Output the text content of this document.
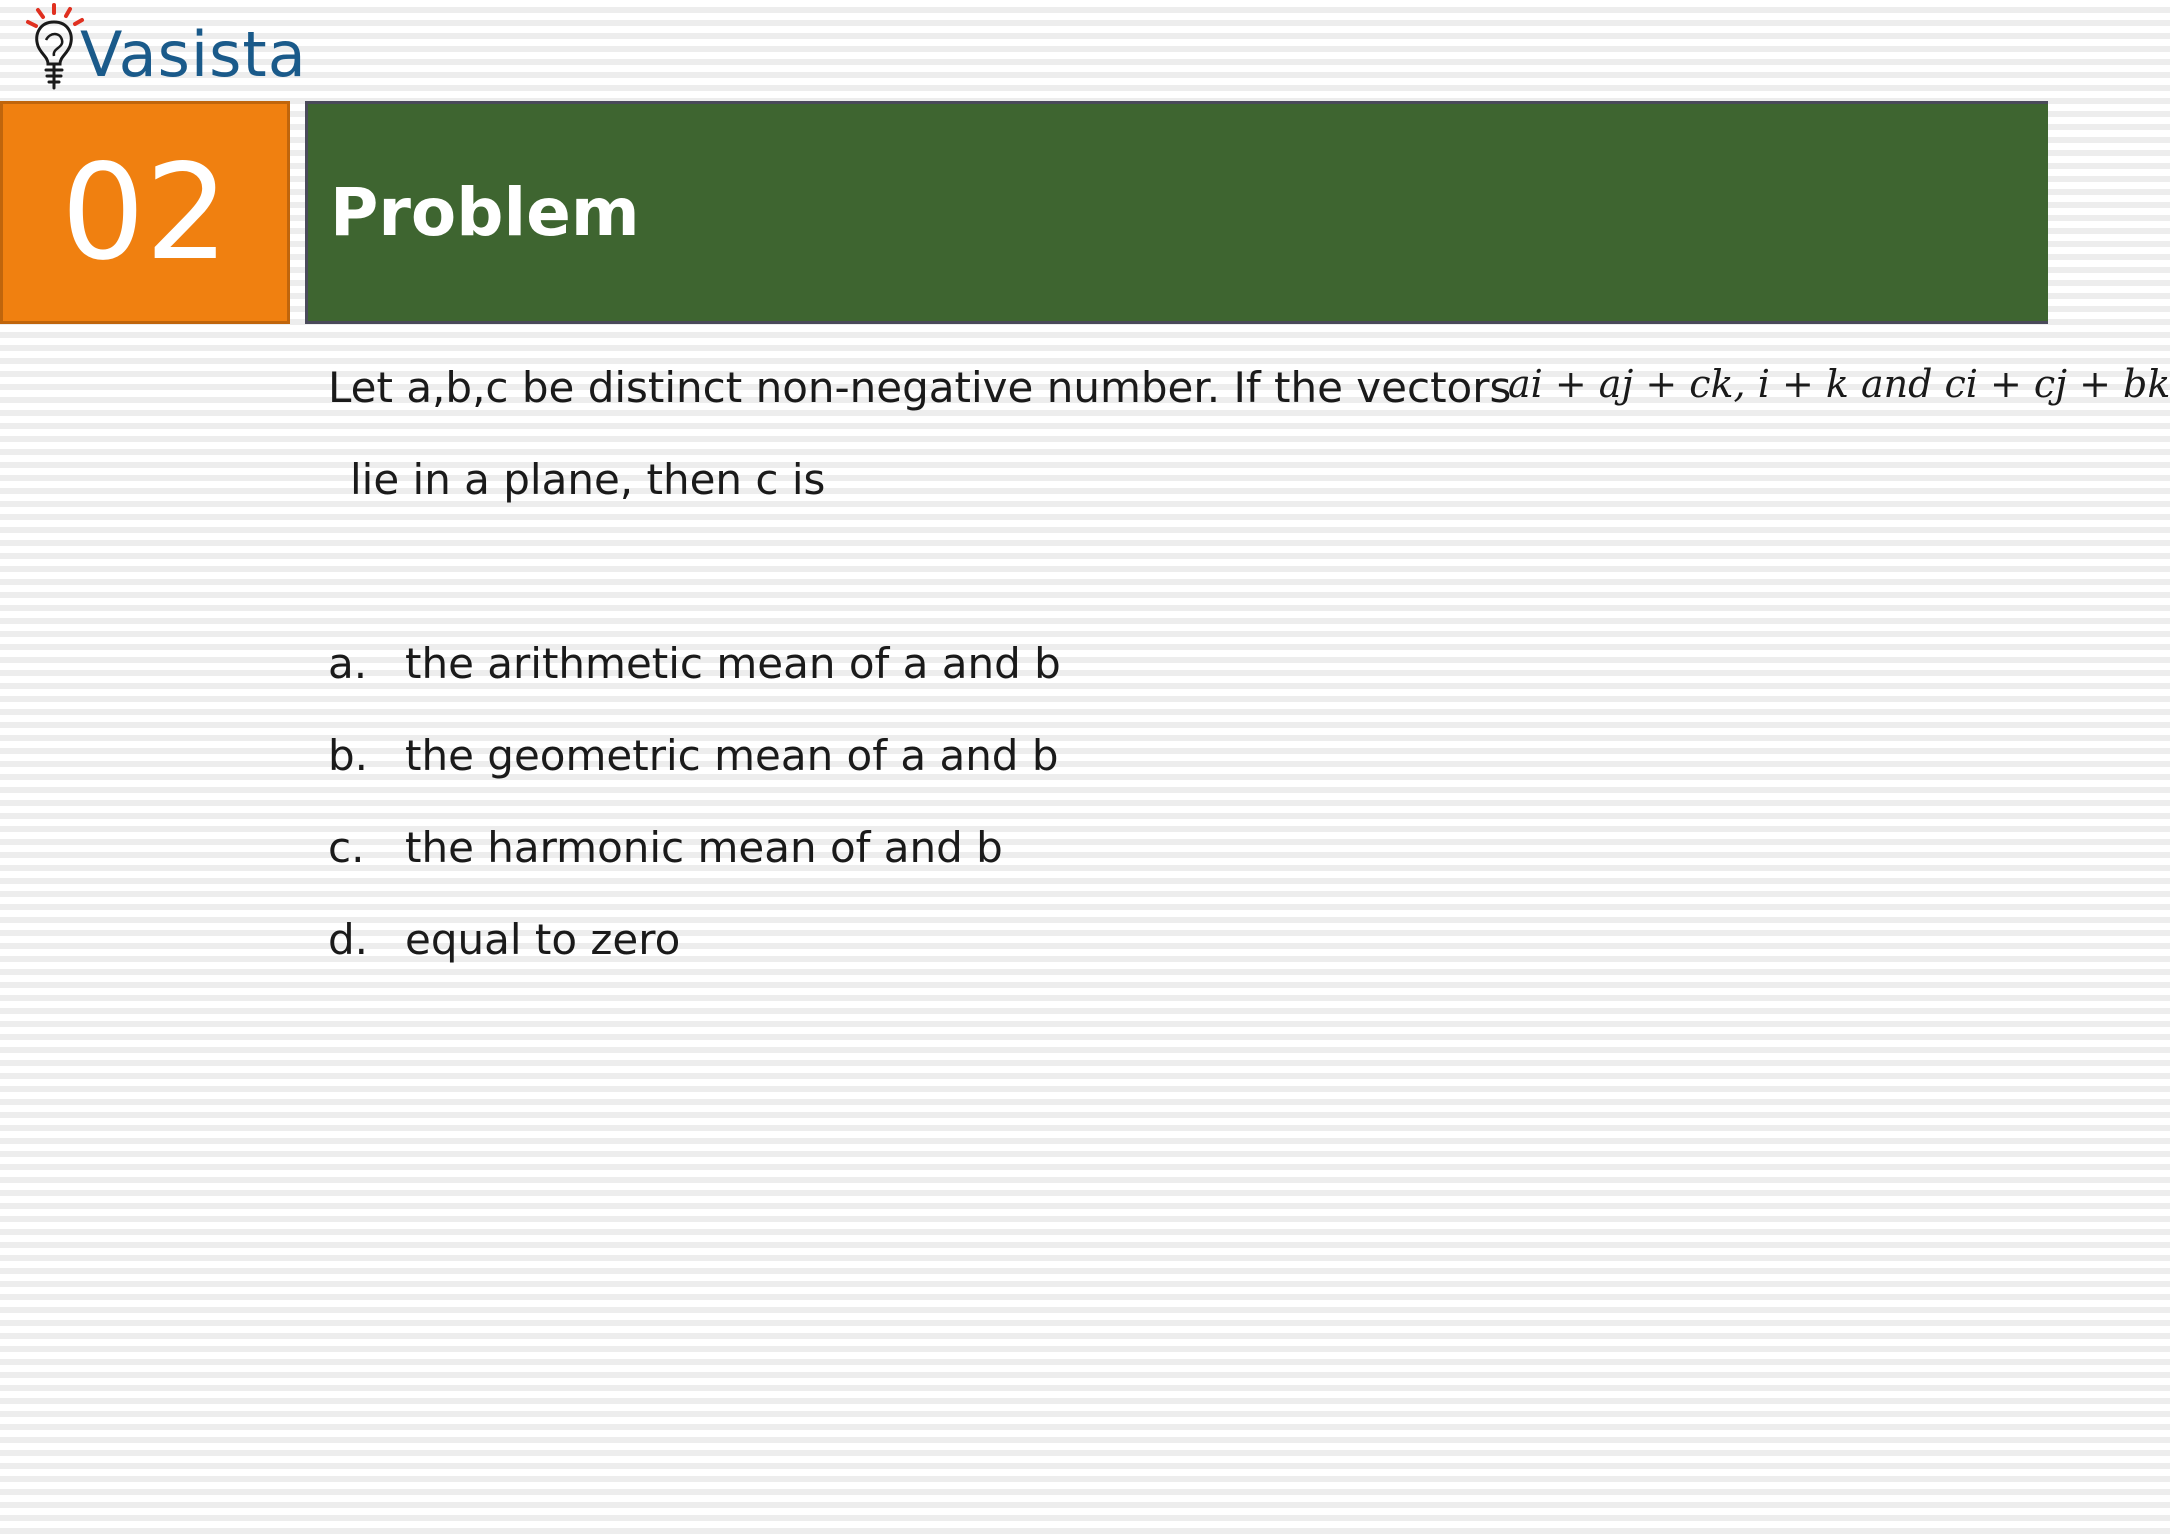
Vasista
02	Problem
Let a,b,c be distinct non-negative number. If the vectors
ai + aj + ck, i + k and ci + cj + bk
lie in a plane, then c is
a. the arithmetic mean of a and b
b. the geometric mean of a and b
c. the harmonic mean of and b
d. equal to zero
